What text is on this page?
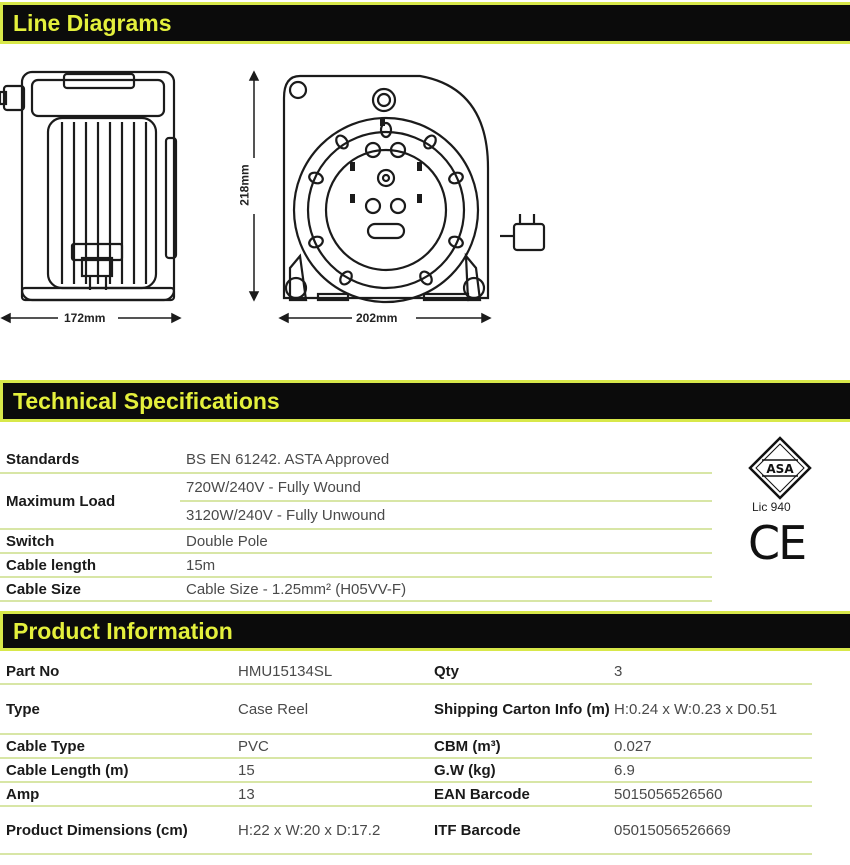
Line Diagrams
172mm	202mm
218mm
Technical Specifications
Standards	BS EN 61242. ASTA Approved
Maximum Load	720W/240V - Fully Wound
	3120W/240V - Fully Unwound
Switch	Double Pole
Cable length	15m
Cable Size	Cable Size - 1.25mm² (H05VV-F)
ASA
Lic 940
CE
Product Information
Part No	HMU15134SL	Qty	3
Type	Case Reel	Shipping Carton Info (m)	H:0.24 x W:0.23 x D0.51
Cable Type	PVC	CBM (m³)	0.027
Cable Length (m)	15	G.W (kg)	6.9
Amp	13	EAN Barcode	5015056526560
Product Dimensions (cm)	H:22 x W:20 x D:17.2	ITF Barcode	05015056526669
